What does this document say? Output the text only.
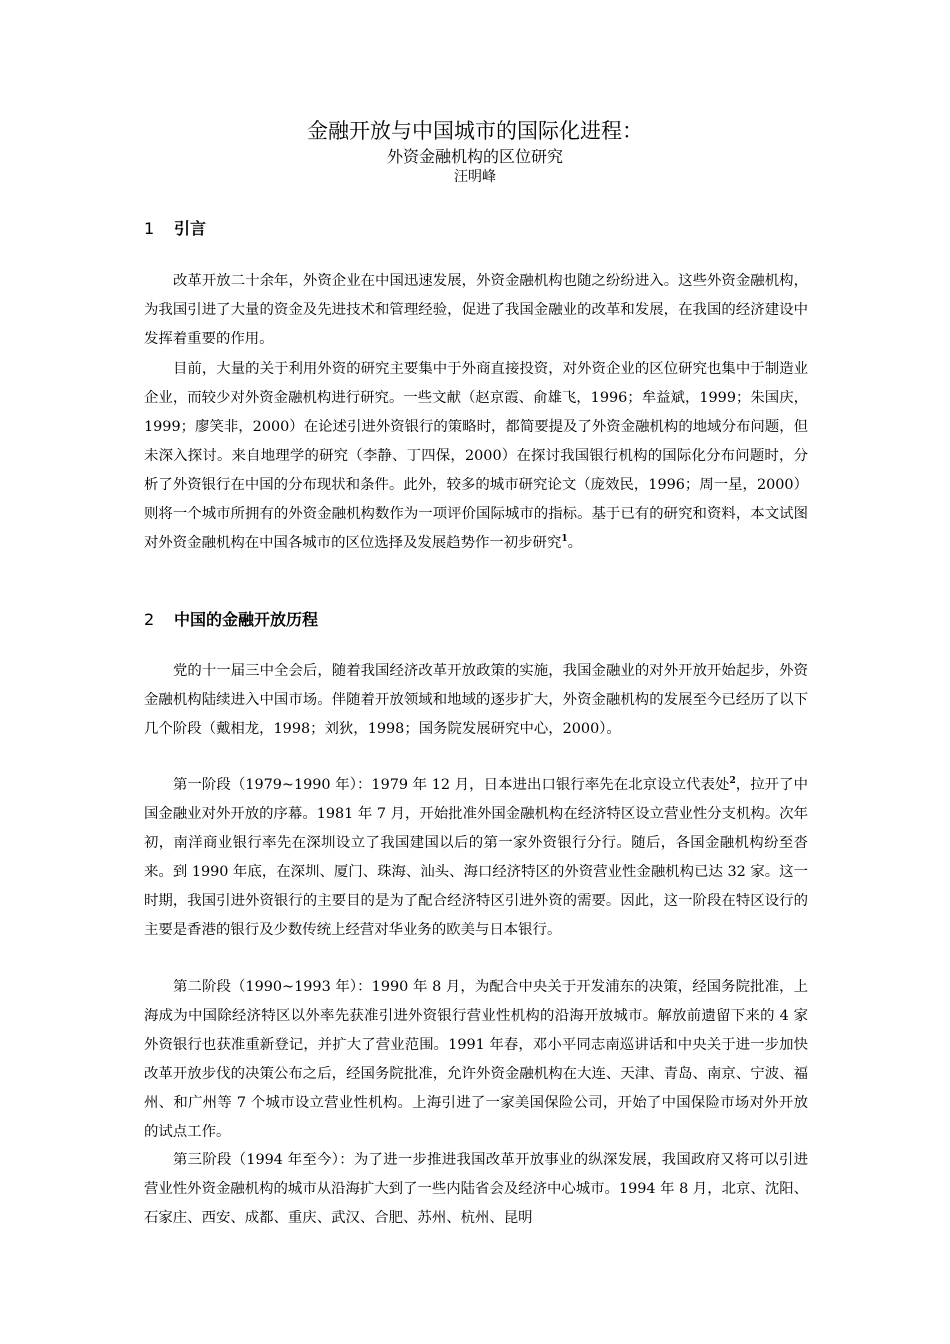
金融开放与中国城市的国际化进程：
外资金融机构的区位研究
汪明峰
1 引言

改革开放二十余年，外资企业在中国迅速发展，外资金融机构也随之纷纷进入。这些外资金融机构，为我国引进了大量的资金及先进技术和管理经验，促进了我国金融业的改革和发展，在我国的经济建设中发挥着重要的作用。

目前，大量的关于利用外资的研究主要集中于外商直接投资，对外资企业的区位研究也集中于制造业企业，而较少对外资金融机构进行研究。一些文献（赵京霞、俞雄飞，1996；牟益斌，1999；朱国庆，1999；廖笑非，2000）在论述引进外资银行的策略时，都简要提及了外资金融机构的地域分布问题，但未深入探讨。来自地理学的研究（李静、丁四保，2000）在探讨我国银行机构的国际化分布问题时，分析了外资银行在中国的分布现状和条件。此外，较多的城市研究论文（庞效民，1996；周一星，2000）则将一个城市所拥有的外资金融机构数作为一项评价国际城市的指标。基于已有的研究和资料，本文试图对外资金融机构在中国各城市的区位选择及发展趋势作一初步研究$^1$。

2 中国的金融开放历程

党的十一届三中全会后，随着我国经济改革开放政策的实施，我国金融业的对外开放开始起步，外资金融机构陆续进入中国市场。伴随着开放领域和地域的逐步扩大，外资金融机构的发展至今已经历了以下几个阶段（戴相龙，1998；刘狄，1998；国务院发展研究中心，2000）。

第一阶段（1979~1990 年）：1979 年 12 月，日本进出口银行率先在北京设立代表处$^2$，拉开了中国金融业对外开放的序幕。1981 年 7 月，开始批准外国金融机构在经济特区设立营业性分支机构。次年初，南洋商业银行率先在深圳设立了我国建国以后的第一家外资银行分行。随后，各国金融机构纷至沓来。到 1990 年底，在深圳、厦门、珠海、汕头、海口经济特区的外资营业性金融机构已达 32 家。这一时期，我国引进外资银行的主要目的是为了配合经济特区引进外资的需要。因此，这一阶段在特区设行的主要是香港的银行及少数传统上经营对华业务的欧美与日本银行。

第二阶段（1990~1993 年）：1990 年 8 月，为配合中央关于开发浦东的决策，经国务院批准，上海成为中国除经济特区以外率先获准引进外资银行营业性机构的沿海开放城市。解放前遗留下来的 4 家外资银行也获准重新登记，并扩大了营业范围。1991 年春，邓小平同志南巡讲话和中央关于进一步加快改革开放步伐的决策公布之后，经国务院批准，允许外资金融机构在大连、天津、青岛、南京、宁波、福州、和广州等 7 个城市设立营业性机构。上海引进了一家美国保险公司，开始了中国保险市场对外开放的试点工作。

第三阶段（1994 年至今）：为了进一步推进我国改革开放事业的纵深发展，我国政府又将可以引进营业性外资金融机构的城市从沿海扩大到了一些内陆省会及经济中心城市。1994 年 8 月，北京、沈阳、石家庄、西安、成都、重庆、武汉、合肥、苏州、杭州、昆明
